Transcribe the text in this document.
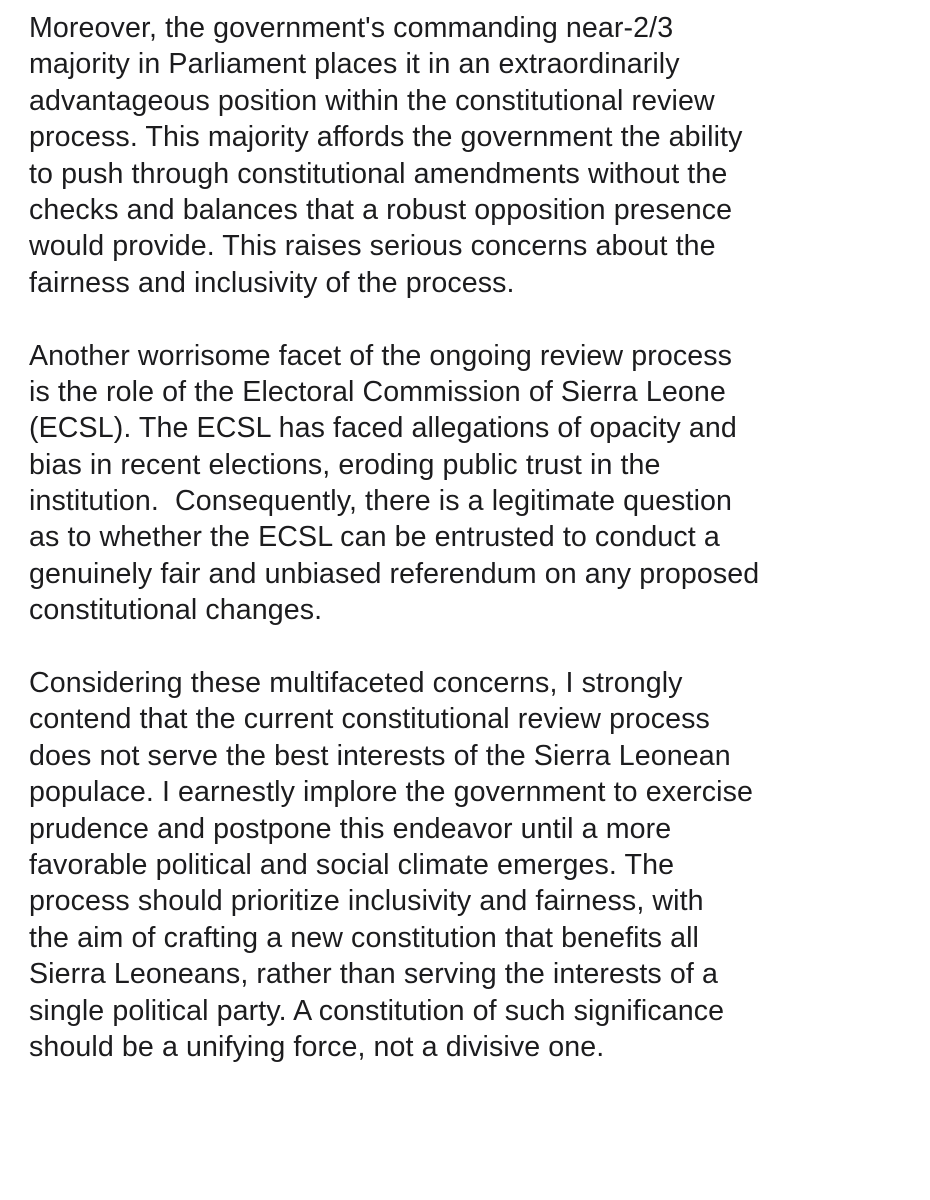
Moreover, the government's commanding near-2/3
majority in Parliament places it in an extraordinarily
advantageous position within the constitutional review
process. This majority affords the government the ability
to push through constitutional amendments without the
checks and balances that a robust opposition presence
would provide. This raises serious concerns about the
fairness and inclusivity of the process.

Another worrisome facet of the ongoing review process
is the role of the Electoral Commission of Sierra Leone
(ECSL). The ECSL has faced allegations of opacity and
bias in recent elections, eroding public trust in the
institution.  Consequently, there is a legitimate question
as to whether the ECSL can be entrusted to conduct a
genuinely fair and unbiased referendum on any proposed
constitutional changes.

Considering these multifaceted concerns, I strongly
contend that the current constitutional review process
does not serve the best interests of the Sierra Leonean
populace. I earnestly implore the government to exercise
prudence and postpone this endeavor until a more
favorable political and social climate emerges. The
process should prioritize inclusivity and fairness, with
the aim of crafting a new constitution that benefits all
Sierra Leoneans, rather than serving the interests of a
single political party. A constitution of such significance
should be a unifying force, not a divisive one.
